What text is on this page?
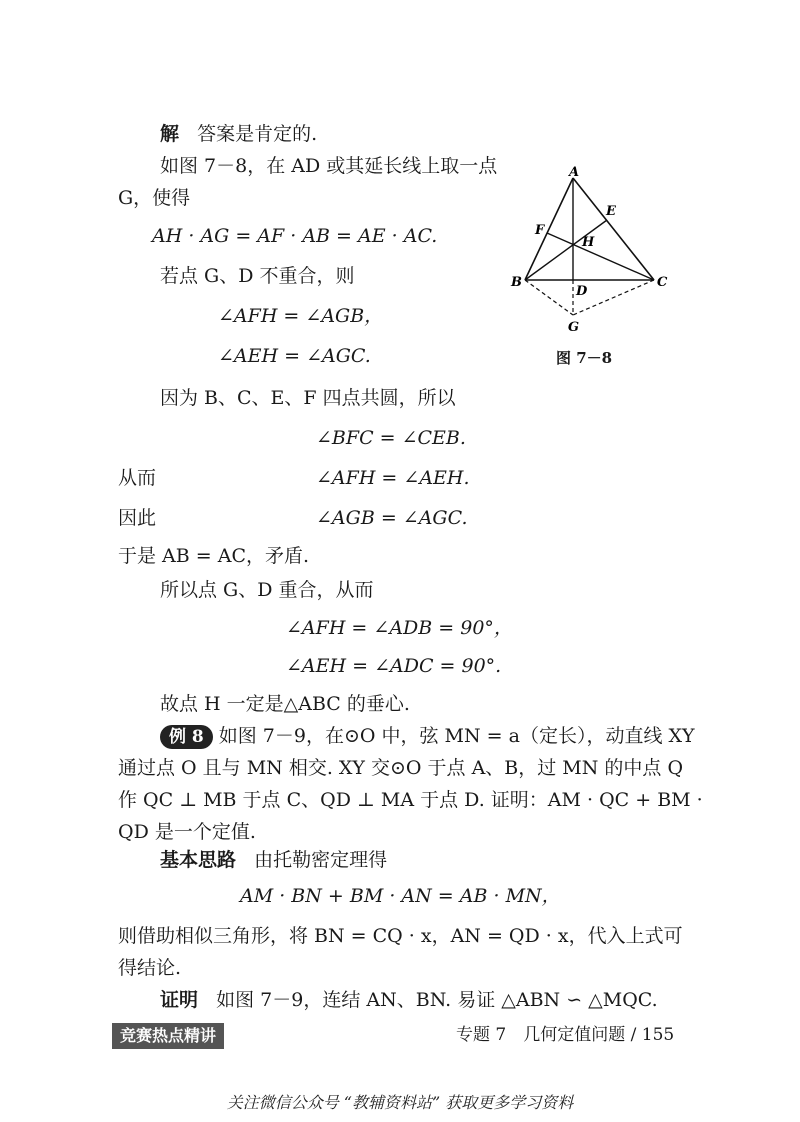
解 答案是肯定的.
如图 7－8，在 AD 或其延长线上取一点
G，使得
AH · AG = AF · AB = AE · AC.
若点 G、D 不重合，则
∠AFH = ∠AGB，
∠AEH = ∠AGC.
因为 B、C、E、F 四点共圆，所以
∠BFC = ∠CEB.
从而	∠AFH = ∠AEH.
因此	∠AGB = ∠AGC.
于是 AB = AC，矛盾.
所以点 G、D 重合，从而
∠AFH = ∠ADB = 90°，
∠AEH = ∠ADC = 90°.
故点 H 一定是△ABC 的垂心.
例 8 如图 7－9，在⊙O 中，弦 MN = a（定长），动直线 XY
通过点 O 且与 MN 相交. XY 交⊙O 于点 A、B，过 MN 的中点 Q
作 QC ⊥ MB 于点 C、QD ⊥ MA 于点 D. 证明：AM · QC + BM ·
QD 是一个定值.
基本思路 由托勒密定理得
AM · BN + BM · AN = AB · MN，
则借助相似三角形，将 BN = CQ · x，AN = QD · x，代入上式可
得结论.
证明 如图 7－9，连结 AN、BN. 易证 △ABN ∽ △MQC.
A
B	C
D
E
F
G
H
图 7－8
竞赛热点精讲	专题 7　几何定值问题 / 155
关注微信公众号 “教辅资料站” 获取更多学习资料
